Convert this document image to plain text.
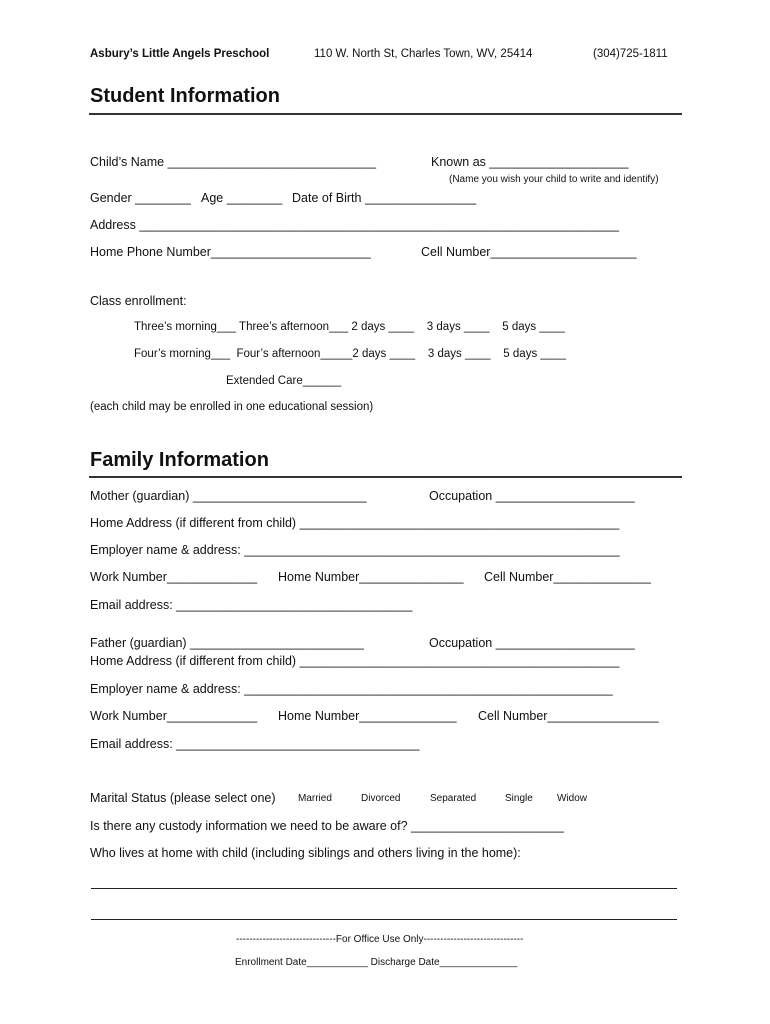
Asbury’s Little Angels Preschool	110 W. North St, Charles Town, WV, 25414	(304)725-1811
Student Information
Child’s Name ______________________________	Known as ____________________
(Name you wish your child to write and identify)
Gender ________ Age ________ Date of Birth ________________
Address _____________________________________________________________________
Home Phone Number_______________________	Cell Number_____________________
Class enrollment:
Three’s morning___ Three’s afternoon___ 2 days ____    3 days ____    5 days ____
Four’s morning___  Four’s afternoon_____2 days ____    3 days ____    5 days ____
Extended Care______
(each child may be enrolled in one educational session)
Family Information
Mother (guardian) _________________________	Occupation ____________________
Home Address (if different from child) ______________________________________________
Employer name & address: ______________________________________________________
Work Number_____________ Home Number_______________ Cell Number______________
Email address: __________________________________
Father (guardian) _________________________	Occupation ____________________
Home Address (if different from child) ______________________________________________
Employer name & address: _____________________________________________________
Work Number_____________ Home Number______________ Cell Number________________
Email address: ___________________________________
Marital Status (please select one) Married	Divorced	Separated	Single Widow
Is there any custody information we need to be aware of? ______________________
Who lives at home with child (including siblings and others living in the home):
------------------------------For Office Use Only------------------------------
Enrollment Date___________ Discharge Date______________
